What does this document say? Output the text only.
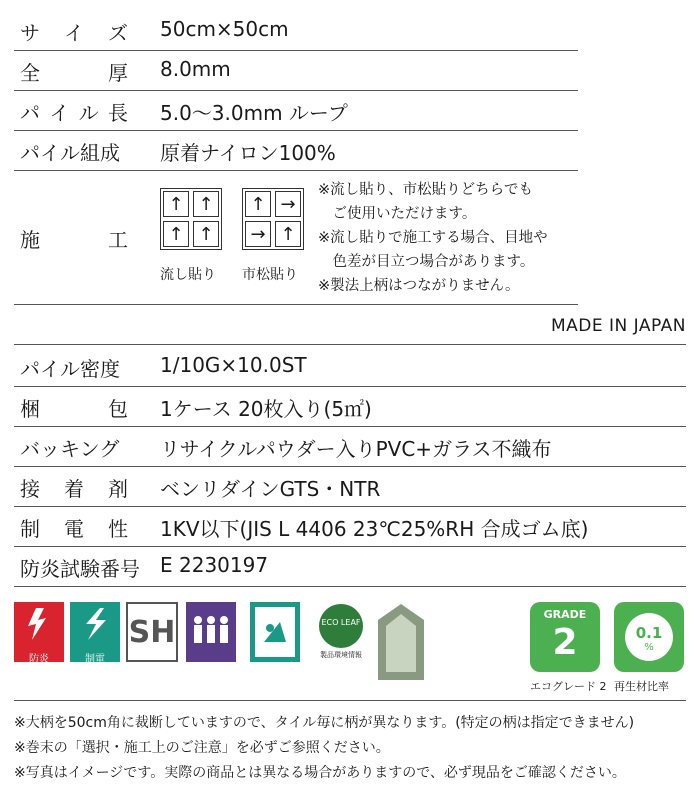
サ イ ズ 50cm×50cm
全	厚 8.0mm
パ イ ル 長 5.0〜3.0mm ループ
パイル組成 原着ナイロン100%
施	工
↑ ↑
↑ ↑
流し貼り
↑ →
→ ↑
市松貼り
※流し貼り、市松貼りどちらでも
　ご使用いただけます。
※流し貼りで施工する場合、目地や
　色差が目立つ場合があります。
※製法上柄はつながりません。
MADE IN JAPAN
パイル密度 1/10G×10.0ST
梱	包 1ケース 20枚入り(5㎡)
バッキング リサイクルパウダー入りPVC+ガラス不織布
接 着 剤 ベンリダインGTS・NTR
制 電 性 1KV以下(JIS L 4406 23℃25%RH 合成ゴム底)
防炎試験番号 E 2230197
防炎	制電
SH	ECO LEAF
製品環境情報
GRADE
2
エコグレード 2
0.1
%
再生材比率
※大柄を50cm角に裁断していますので、タイル毎に柄が異なります。(特定の柄は指定できません)
※巻末の「選択・施工上のご注意」を必ずご参照ください。
※写真はイメージです。実際の商品とは異なる場合がありますので、必ず現品をご確認ください。
